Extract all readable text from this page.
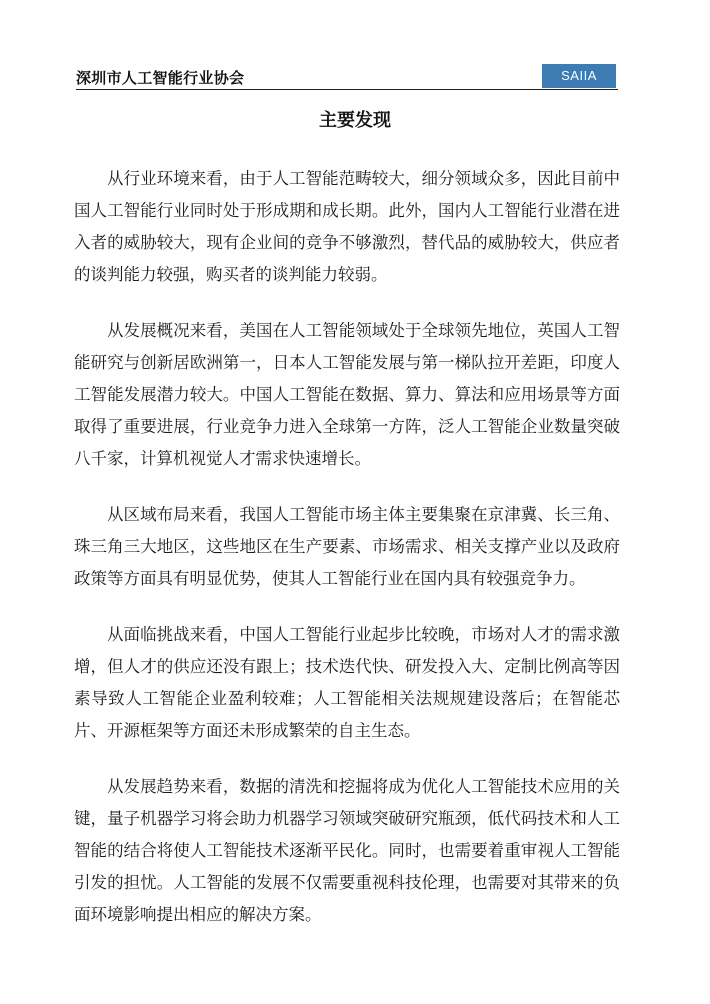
深圳市人工智能行业协会	SAIIA
主要发现

从行业环境来看，由于人工智能范畴较大，细分领域众多，因此目前中国人工智能行业同时处于形成期和成长期。此外，国内人工智能行业潜在进入者的威胁较大，现有企业间的竞争不够激烈，替代品的威胁较大，供应者的谈判能力较强，购买者的谈判能力较弱。

从发展概况来看，美国在人工智能领域处于全球领先地位，英国人工智能研究与创新居欧洲第一，日本人工智能发展与第一梯队拉开差距，印度人工智能发展潜力较大。中国人工智能在数据、算力、算法和应用场景等方面取得了重要进展，行业竞争力进入全球第一方阵，泛人工智能企业数量突破八千家，计算机视觉人才需求快速增长。

从区域布局来看，我国人工智能市场主体主要集聚在京津冀、长三角、珠三角三大地区，这些地区在生产要素、市场需求、相关支撑产业以及政府政策等方面具有明显优势，使其人工智能行业在国内具有较强竞争力。

从面临挑战来看，中国人工智能行业起步比较晚，市场对人才的需求激增，但人才的供应还没有跟上；技术迭代快、研发投入大、定制比例高等因素导致人工智能企业盈利较难；人工智能相关法规规建设落后；在智能芯片、开源框架等方面还未形成繁荣的自主生态。

从发展趋势来看，数据的清洗和挖掘将成为优化人工智能技术应用的关键，量子机器学习将会助力机器学习领域突破研究瓶颈，低代码技术和人工智能的结合将使人工智能技术逐渐平民化。同时，也需要着重审视人工智能引发的担忧。人工智能的发展不仅需要重视科技伦理，也需要对其带来的负面环境影响提出相应的解决方案。
